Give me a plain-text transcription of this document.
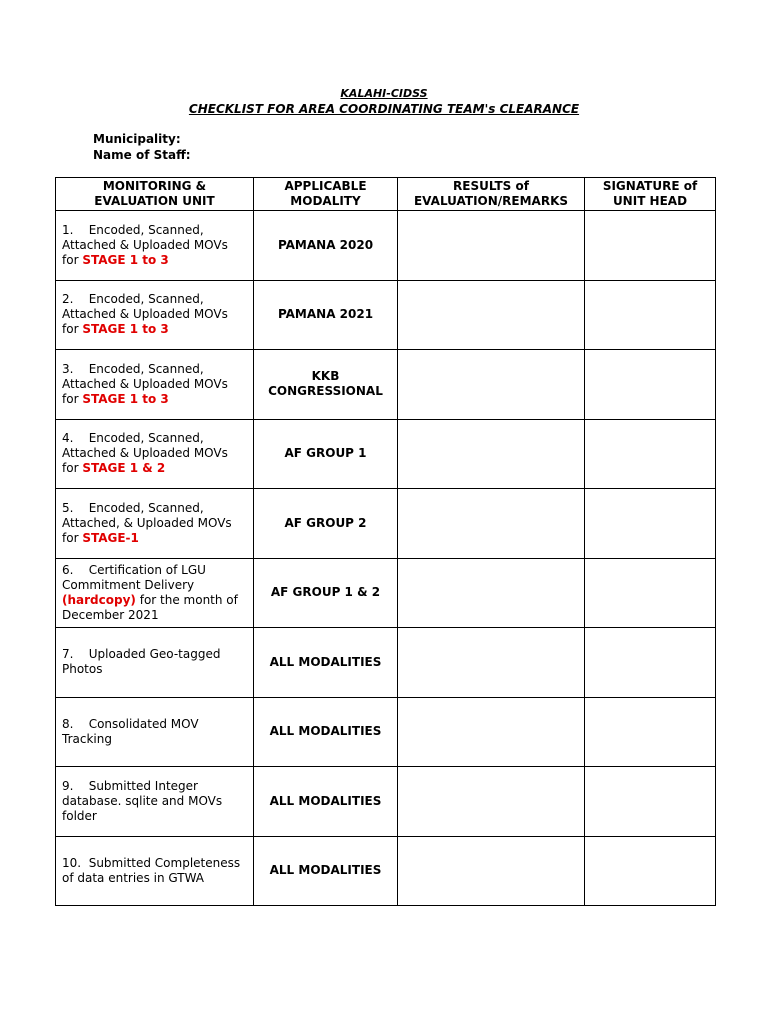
KALAHI-CIDSS
CHECKLIST FOR AREA COORDINATING TEAM's CLEARANCE
Municipality:
Name of Staff:
MONITORING & EVALUATION UNIT	APPLICABLE MODALITY	RESULTS of EVALUATION/REMARKS	SIGNATURE of UNIT HEAD
1.    Encoded, Scanned, Attached & Uploaded MOVs for STAGE 1 to 3	PAMANA 2020		
2.    Encoded, Scanned, Attached & Uploaded MOVs for STAGE 1 to 3	PAMANA 2021		
3.    Encoded, Scanned, Attached & Uploaded MOVs for STAGE 1 to 3	KKB CONGRESSIONAL		
4.    Encoded, Scanned, Attached & Uploaded MOVs for STAGE 1 & 2	AF GROUP 1		
5.    Encoded, Scanned, Attached, & Uploaded MOVs for STAGE-1	AF GROUP 2		
6.    Certification of LGU Commitment Delivery (hardcopy) for the month of December 2021	AF GROUP 1 & 2		
7.    Uploaded Geo-tagged Photos	ALL MODALITIES		
8.    Consolidated MOV Tracking	ALL MODALITIES		
9.    Submitted Integer database. sqlite and MOVs folder	ALL MODALITIES		
10.  Submitted Completeness of data entries in GTWA	ALL MODALITIES		
